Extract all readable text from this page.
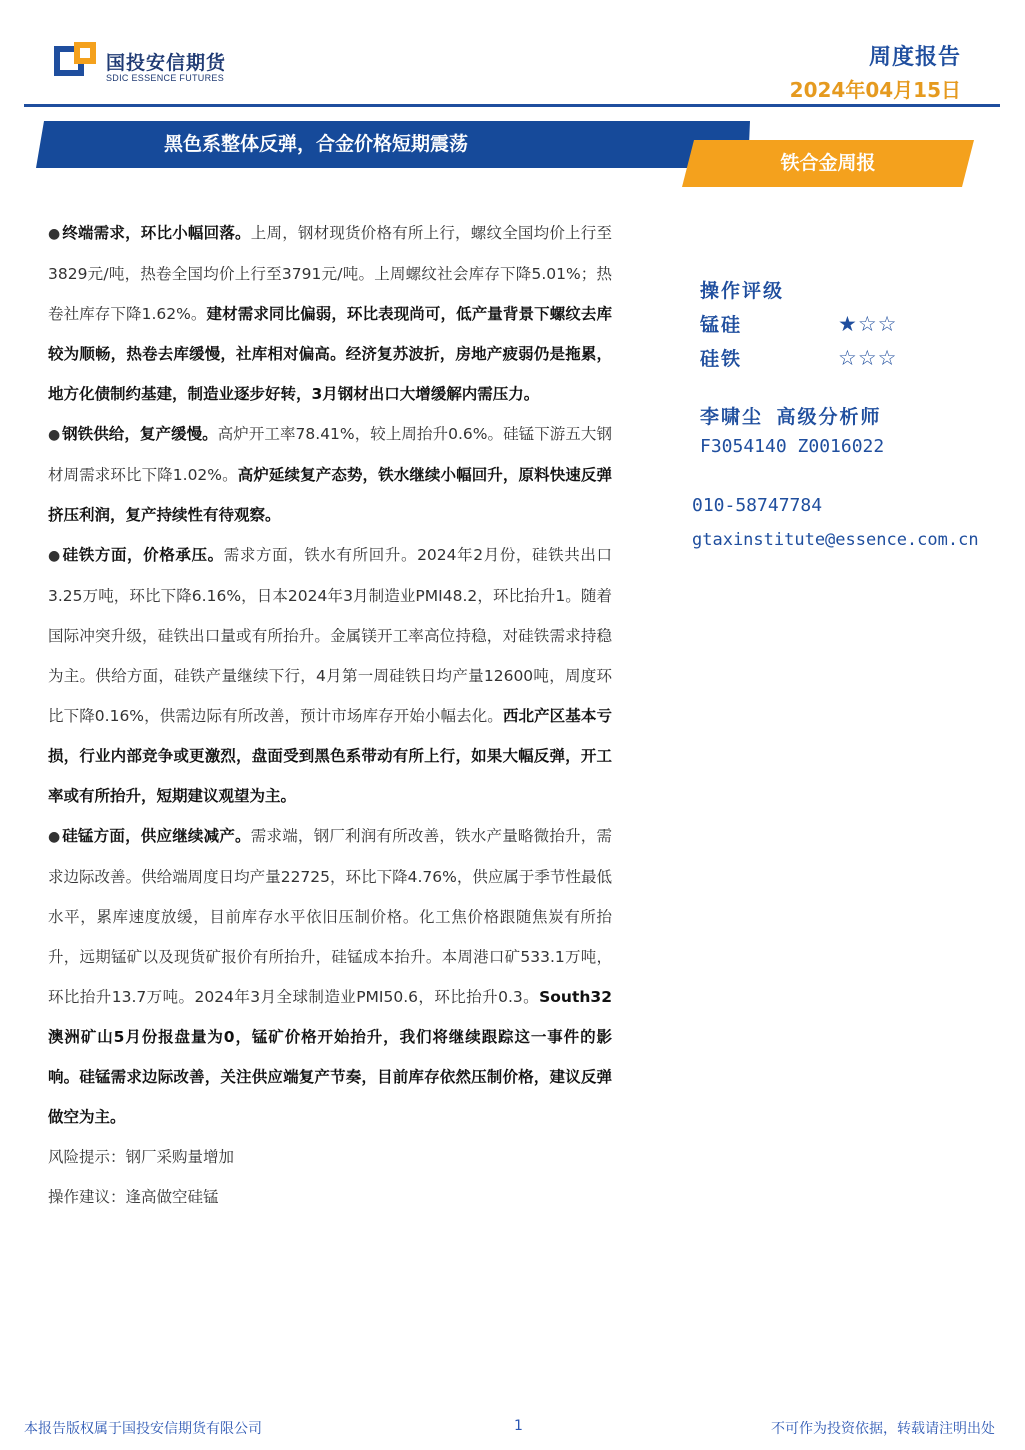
国投安信期货
SDIC ESSENCE FUTURES
周度报告
2024年04月15日
黑色系整体反弹，合金价格短期震荡
铁合金周报

● 终端需求，环比小幅回落。上周，钢材现货价格有所上行，螺纹全国均价上行至3829元/吨，热卷全国均价上行至3791元/吨。上周螺纹社会库存下降5.01%；热卷社库存下降1.62%。建材需求同比偏弱，环比表现尚可，低产量背景下螺纹去库较为顺畅，热卷去库缓慢，社库相对偏高。经济复苏波折，房地产疲弱仍是拖累，地方化债制约基建，制造业逐步好转，3月钢材出口大增缓解内需压力。

● 钢铁供给，复产缓慢。高炉开工率78.41%，较上周抬升0.6%。硅锰下游五大钢材周需求环比下降1.02%。高炉延续复产态势，铁水继续小幅回升，原料快速反弹挤压利润，复产持续性有待观察。

● 硅铁方面，价格承压。需求方面，铁水有所回升。2024年2月份，硅铁共出口3.25万吨，环比下降6.16%，日本2024年3月制造业PMI48.2，环比抬升1。随着国际冲突升级，硅铁出口量或有所抬升。金属镁开工率高位持稳，对硅铁需求持稳为主。供给方面，硅铁产量继续下行，4月第一周硅铁日均产量12600吨，周度环比下降0.16%，供需边际有所改善，预计市场库存开始小幅去化。西北产区基本亏损，行业内部竞争或更激烈，盘面受到黑色系带动有所上行，如果大幅反弹，开工率或有所抬升，短期建议观望为主。

● 硅锰方面，供应继续减产。需求端，钢厂利润有所改善，铁水产量略微抬升，需求边际改善。供给端周度日均产量22725，环比下降4.76%，供应属于季节性最低水平，累库速度放缓，目前库存水平依旧压制价格。化工焦价格跟随焦炭有所抬升，远期锰矿以及现货矿报价有所抬升，硅锰成本抬升。本周港口矿533.1万吨，环比抬升13.7万吨。2024年3月全球制造业PMI50.6，环比抬升0.3。South32澳洲矿山5月份报盘量为0，锰矿价格开始抬升，我们将继续跟踪这一事件的影响。硅锰需求边际改善，关注供应端复产节奏，目前库存依然压制价格，建议反弹做空为主。

风险提示：钢厂采购量增加

操作建议：逢高做空硅锰

操作评级
锰硅	★☆☆
硅铁	☆☆☆
李啸尘 高级分析师
F3054140 Z0016022
010-58747784
gtaxinstitute@essence.com.cn
本报告版权属于国投安信期货有限公司	1	不可作为投资依据，转载请注明出处
